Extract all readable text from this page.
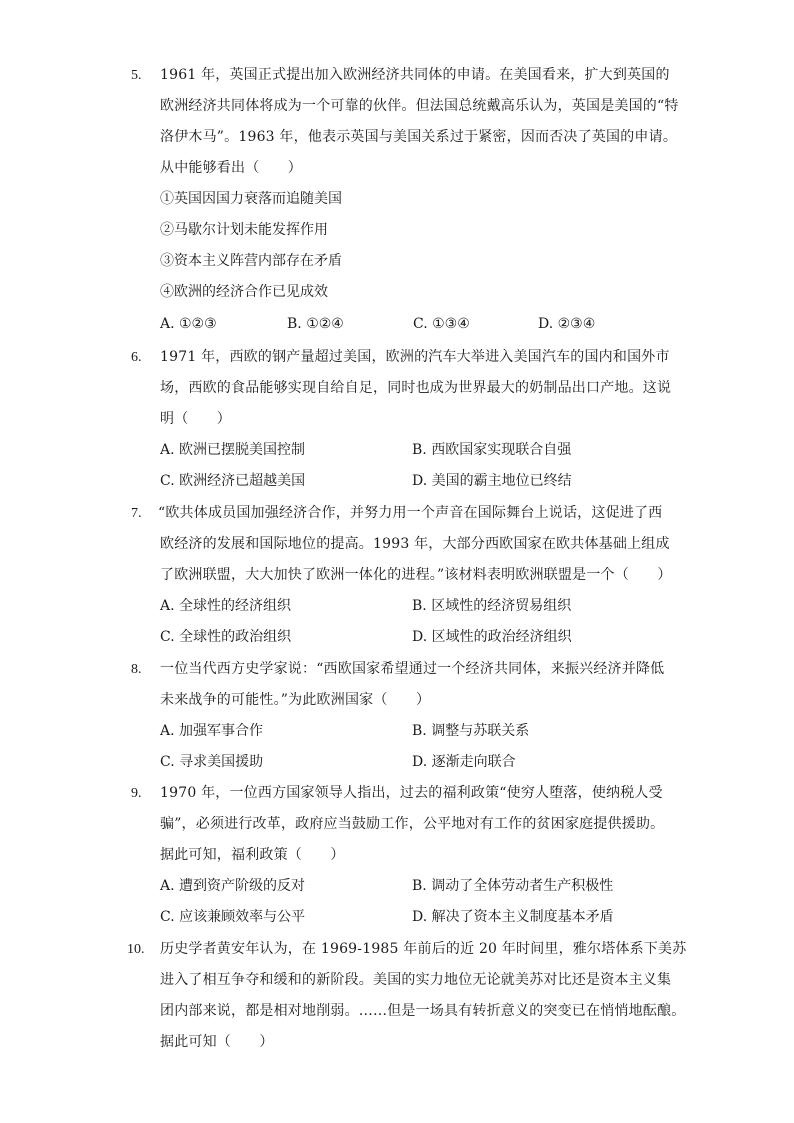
5.	1961 年，英国正式提出加入欧洲经济共同体的申请。在美国看来，扩大到英国的
欧洲经济共同体将成为一个可靠的伙伴。但法国总统戴高乐认为，英国是美国的“特
洛伊木马”。1963 年，他表示英国与美国关系过于紧密，因而否决了英国的申请。
从中能够看出（　　）
①英国因国力衰落而追随美国
②马歇尔计划未能发挥作用
③资本主义阵营内部存在矛盾
④欧洲的经济合作已见成效
A. ①②③	B. ①②④	C. ①③④	D. ②③④
6.	1971 年，西欧的钢产量超过美国，欧洲的汽车大举进入美国汽车的国内和国外市
场，西欧的食品能够实现自给自足，同时也成为世界最大的奶制品出口产地。这说
明（　　）
A. 欧洲已摆脱美国控制	B. 西欧国家实现联合自强
C. 欧洲经济已超越美国	D. 美国的霸主地位已终结
7.	“欧共体成员国加强经济合作，并努力用一个声音在国际舞台上说话，这促进了西
欧经济的发展和国际地位的提高。1993 年，大部分西欧国家在欧共体基础上组成
了欧洲联盟，大大加快了欧洲一体化的进程。”该材料表明欧洲联盟是一个（　　）
A. 全球性的经济组织	B. 区域性的经济贸易组织
C. 全球性的政治组织	D. 区域性的政治经济组织
8.	一位当代西方史学家说：“西欧国家希望通过一个经济共同体，来振兴经济并降低
未来战争的可能性。”为此欧洲国家（　　）
A. 加强军事合作	B. 调整与苏联关系
C. 寻求美国援助	D. 逐渐走向联合
9.	1970 年，一位西方国家领导人指出，过去的福利政策“使穷人堕落，使纳税人受
骗”，必须进行改革，政府应当鼓励工作，公平地对有工作的贫困家庭提供援助。
据此可知，福利政策（　　）
A. 遭到资产阶级的反对	B. 调动了全体劳动者生产积极性
C. 应该兼顾效率与公平	D. 解决了资本主义制度基本矛盾
10.	历史学者黄安年认为，在 1969-1985 年前后的近 20 年时间里，雅尔塔体系下美苏
进入了相互争夺和缓和的新阶段。美国的实力地位无论就美苏对比还是资本主义集
团内部来说，都是相对地削弱。……但是一场具有转折意义的突变已在悄悄地酝酿。
据此可知（　　）
